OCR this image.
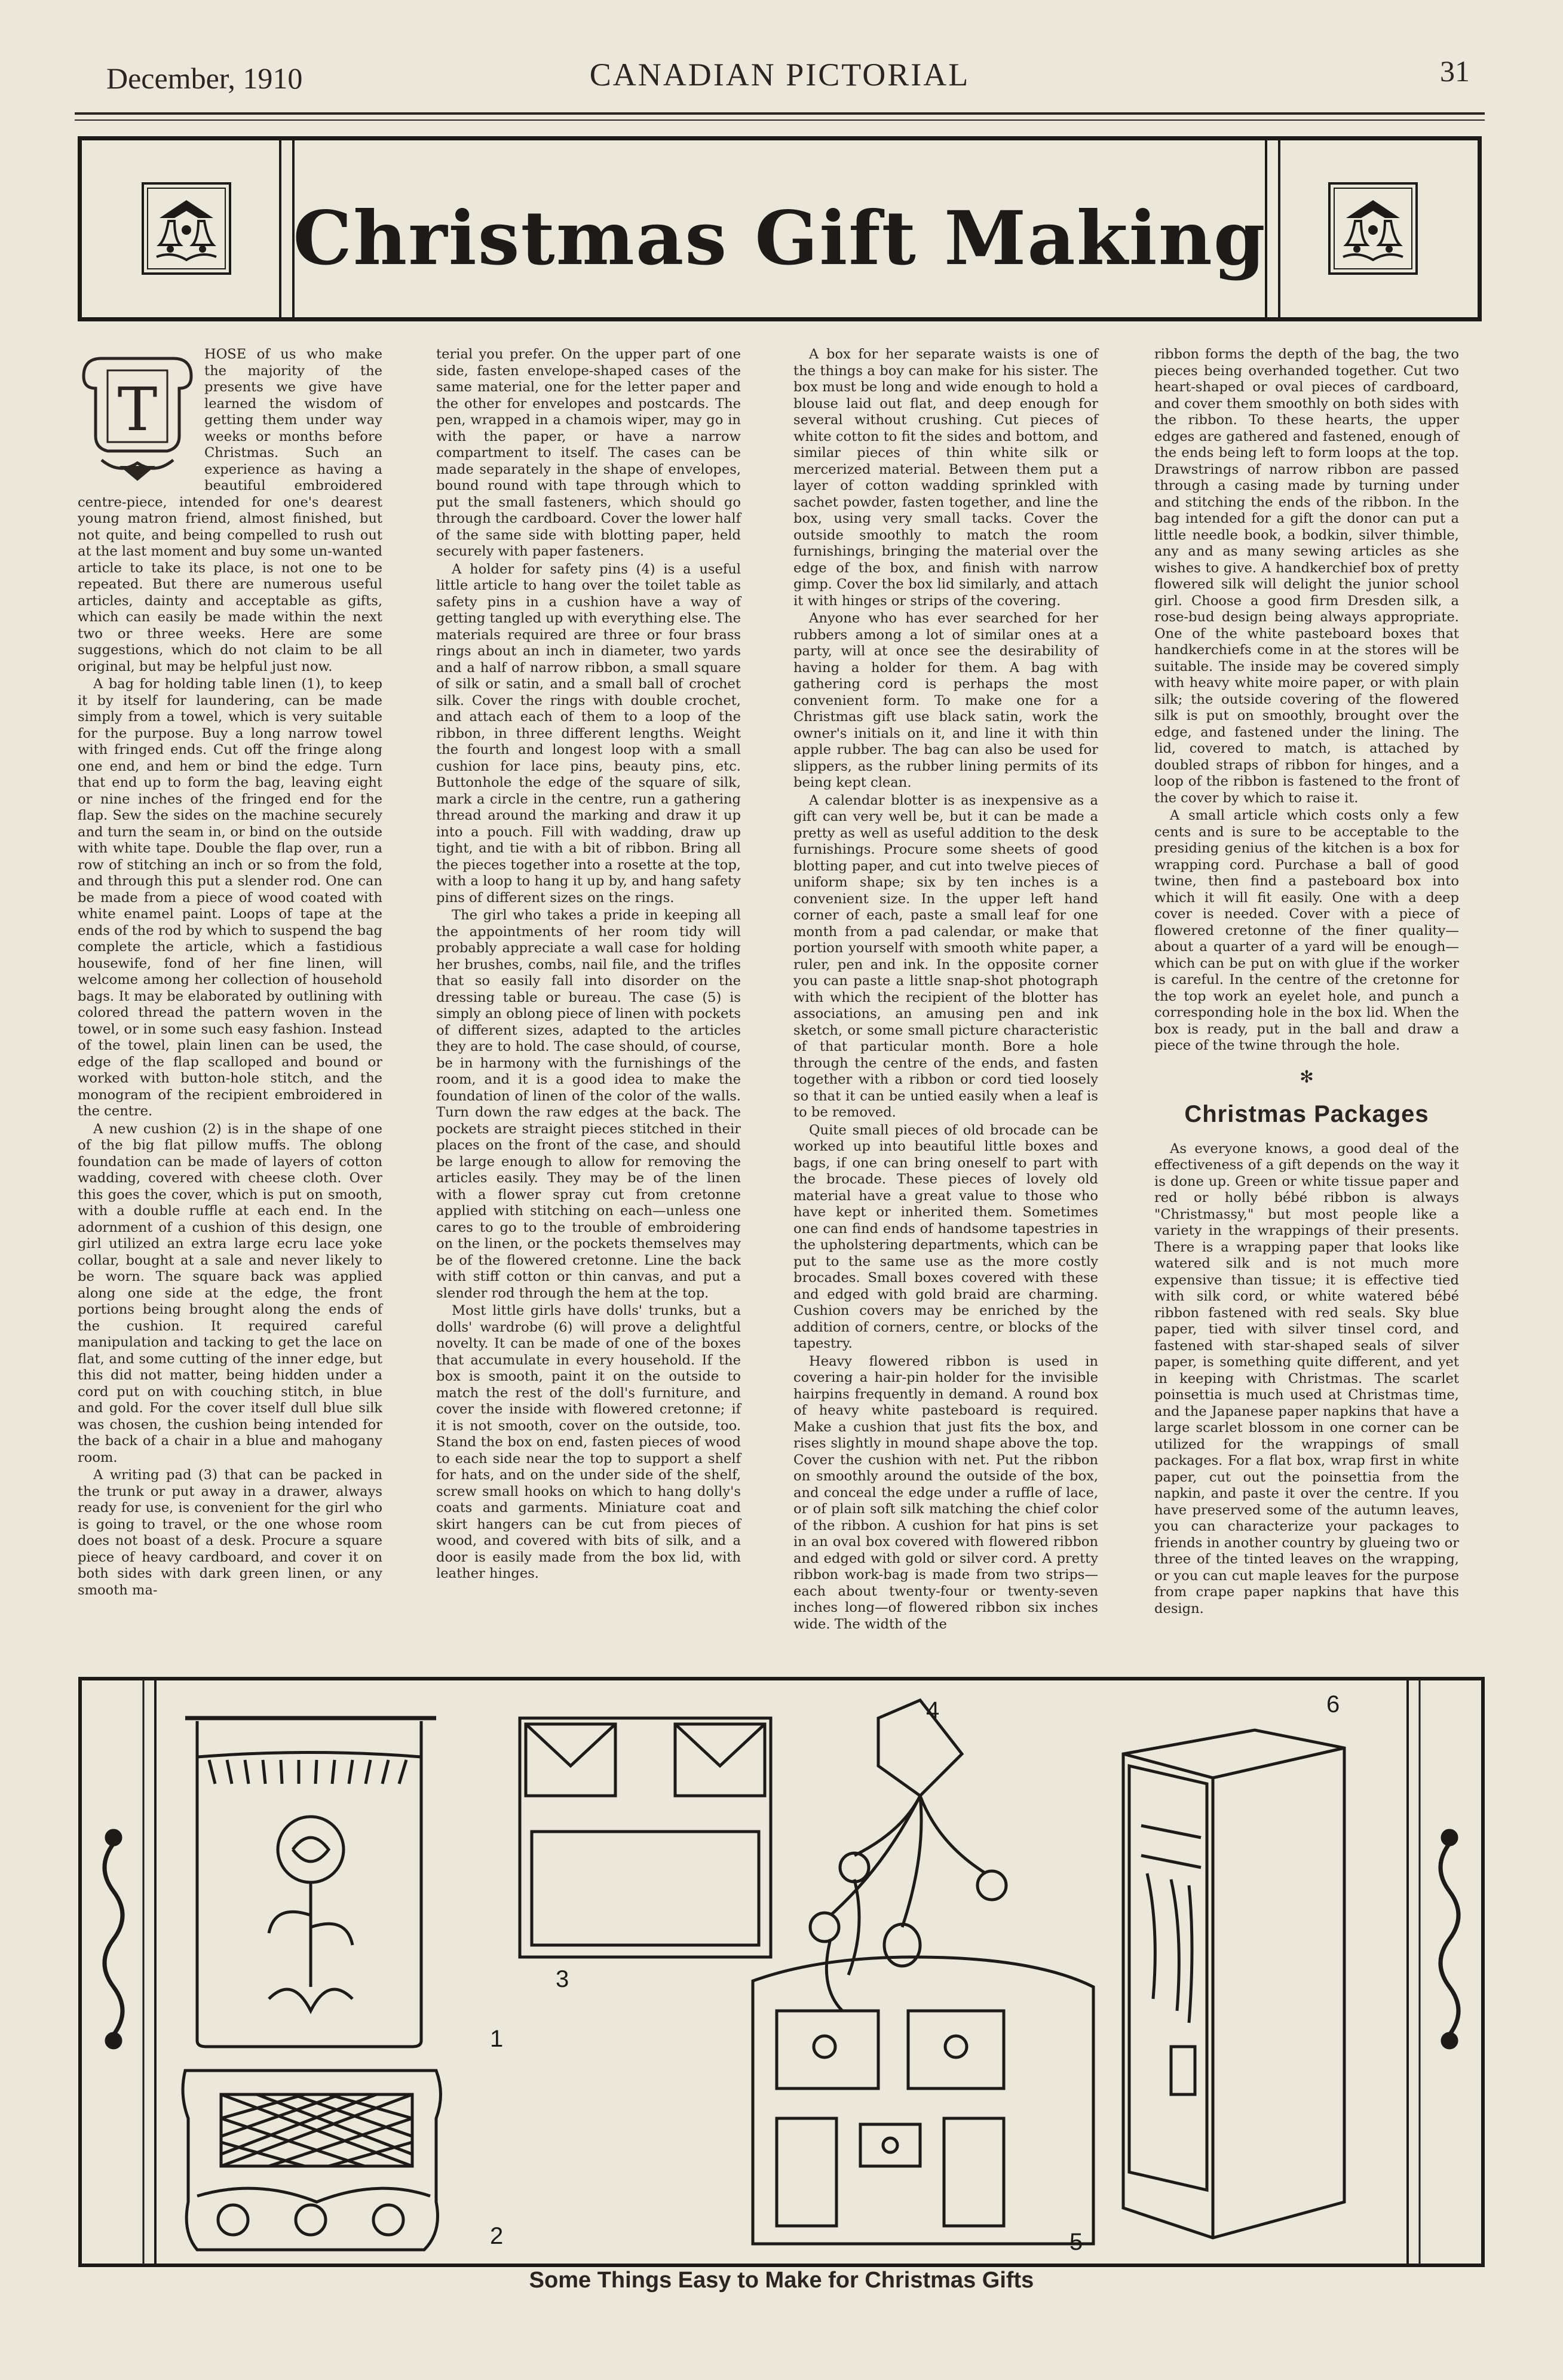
December, 1910	CANADIAN PICTORIAL	31
Christmas Gift Making
T

HOSE of us who make the majority of the presents we give have learned the wisdom of getting them under way weeks or months before Christmas. Such an experience as having a beautiful embroidered centre-piece, intended for one's dearest young matron friend, almost finished, but not quite, and being compelled to rush out at the last moment and buy some un-wanted article to take its place, is not one to be repeated. But there are numerous useful articles, dainty and acceptable as gifts, which can easily be made within the next two or three weeks. Here are some suggestions, which do not claim to be all original, but may be helpful just now.

A bag for holding table linen (1), to keep it by itself for laundering, can be made simply from a towel, which is very suitable for the purpose. Buy a long narrow towel with fringed ends. Cut off the fringe along one end, and hem or bind the edge. Turn that end up to form the bag, leaving eight or nine inches of the fringed end for the flap. Sew the sides on the machine securely and turn the seam in, or bind on the outside with white tape. Double the flap over, run a row of stitching an inch or so from the fold, and through this put a slender rod. One can be made from a piece of wood coated with white enamel paint. Loops of tape at the ends of the rod by which to suspend the bag complete the article, which a fastidious housewife, fond of her fine linen, will welcome among her collection of household bags. It may be elaborated by outlining with colored thread the pattern woven in the towel, or in some such easy fashion. Instead of the towel, plain linen can be used, the edge of the flap scalloped and bound or worked with button-hole stitch, and the monogram of the recipient embroidered in the centre.

A new cushion (2) is in the shape of one of the big flat pillow muffs. The oblong foundation can be made of layers of cotton wadding, covered with cheese cloth. Over this goes the cover, which is put on smooth, with a double ruffle at each end. In the adornment of a cushion of this design, one girl utilized an extra large ecru lace yoke collar, bought at a sale and never likely to be worn. The square back was applied along one side at the edge, the front portions being brought along the ends of the cushion. It required careful manipulation and tacking to get the lace on flat, and some cutting of the inner edge, but this did not matter, being hidden under a cord put on with couching stitch, in blue and gold. For the cover itself dull blue silk was chosen, the cushion being intended for the back of a chair in a blue and mahogany room.

A writing pad (3) that can be packed in the trunk or put away in a drawer, always ready for use, is convenient for the girl who is going to travel, or the one whose room does not boast of a desk. Procure a square piece of heavy cardboard, and cover it on both sides with dark green linen, or any smooth ma-

terial you prefer. On the upper part of one side, fasten envelope-shaped cases of the same material, one for the letter paper and the other for envelopes and postcards. The pen, wrapped in a chamois wiper, may go in with the paper, or have a narrow compartment to itself. The cases can be made separately in the shape of envelopes, bound round with tape through which to put the small fasteners, which should go through the cardboard. Cover the lower half of the same side with blotting paper, held securely with paper fasteners.

A holder for safety pins (4) is a useful little article to hang over the toilet table as safety pins in a cushion have a way of getting tangled up with everything else. The materials required are three or four brass rings about an inch in diameter, two yards and a half of narrow ribbon, a small square of silk or satin, and a small ball of crochet silk. Cover the rings with double crochet, and attach each of them to a loop of the ribbon, in three different lengths. Weight the fourth and longest loop with a small cushion for lace pins, beauty pins, etc. Buttonhole the edge of the square of silk, mark a circle in the centre, run a gathering thread around the marking and draw it up into a pouch. Fill with wadding, draw up tight, and tie with a bit of ribbon. Bring all the pieces together into a rosette at the top, with a loop to hang it up by, and hang safety pins of different sizes on the rings.

The girl who takes a pride in keeping all the appointments of her room tidy will probably appreciate a wall case for holding her brushes, combs, nail file, and the trifles that so easily fall into disorder on the dressing table or bureau. The case (5) is simply an oblong piece of linen with pockets of different sizes, adapted to the articles they are to hold. The case should, of course, be in harmony with the furnishings of the room, and it is a good idea to make the foundation of linen of the color of the walls. Turn down the raw edges at the back. The pockets are straight pieces stitched in their places on the front of the case, and should be large enough to allow for removing the articles easily. They may be of the linen with a flower spray cut from cretonne applied with stitching on each—unless one cares to go to the trouble of embroidering on the linen, or the pockets themselves may be of the flowered cretonne. Line the back with stiff cotton or thin canvas, and put a slender rod through the hem at the top.

Most little girls have dolls' trunks, but a dolls' wardrobe (6) will prove a delightful novelty. It can be made of one of the boxes that accumulate in every household. If the box is smooth, paint it on the outside to match the rest of the doll's furniture, and cover the inside with flowered cretonne; if it is not smooth, cover on the outside, too. Stand the box on end, fasten pieces of wood to each side near the top to support a shelf for hats, and on the under side of the shelf, screw small hooks on which to hang dolly's coats and garments. Miniature coat and skirt hangers can be cut from pieces of wood, and covered with bits of silk, and a door is easily made from the box lid, with leather hinges.

A box for her separate waists is one of the things a boy can make for his sister. The box must be long and wide enough to hold a blouse laid out flat, and deep enough for several without crushing. Cut pieces of white cotton to fit the sides and bottom, and similar pieces of thin white silk or mercerized material. Between them put a layer of cotton wadding sprinkled with sachet powder, fasten together, and line the box, using very small tacks. Cover the outside smoothly to match the room furnishings, bringing the material over the edge of the box, and finish with narrow gimp. Cover the box lid similarly, and attach it with hinges or strips of the covering.

Anyone who has ever searched for her rubbers among a lot of similar ones at a party, will at once see the desirability of having a holder for them. A bag with gathering cord is perhaps the most convenient form. To make one for a Christmas gift use black satin, work the owner's initials on it, and line it with thin apple rubber. The bag can also be used for slippers, as the rubber lining permits of its being kept clean.

A calendar blotter is as inexpensive as a gift can very well be, but it can be made a pretty as well as useful addition to the desk furnishings. Procure some sheets of good blotting paper, and cut into twelve pieces of uniform shape; six by ten inches is a convenient size. In the upper left hand corner of each, paste a small leaf for one month from a pad calendar, or make that portion yourself with smooth white paper, a ruler, pen and ink. In the opposite corner you can paste a little snap-shot photograph with which the recipient of the blotter has associations, an amusing pen and ink sketch, or some small picture characteristic of that particular month. Bore a hole through the centre of the ends, and fasten together with a ribbon or cord tied loosely so that it can be untied easily when a leaf is to be removed.

Quite small pieces of old brocade can be worked up into beautiful little boxes and bags, if one can bring oneself to part with the brocade. These pieces of lovely old material have a great value to those who have kept or inherited them. Sometimes one can find ends of handsome tapestries in the upholstering departments, which can be put to the same use as the more costly brocades. Small boxes covered with these and edged with gold braid are charming. Cushion covers may be enriched by the addition of corners, centre, or blocks of the tapestry.

Heavy flowered ribbon is used in covering a hair-pin holder for the invisible hairpins frequently in demand. A round box of heavy white pasteboard is required. Make a cushion that just fits the box, and rises slightly in mound shape above the top. Cover the cushion with net. Put the ribbon on smoothly around the outside of the box, and conceal the edge under a ruffle of lace, or of plain soft silk matching the chief color of the ribbon. A cushion for hat pins is set in an oval box covered with flowered ribbon and edged with gold or silver cord. A pretty ribbon work-bag is made from two strips—each about twenty-four or twenty-seven inches long—of flowered ribbon six inches wide. The width of the

ribbon forms the depth of the bag, the two pieces being overhanded together. Cut two heart-shaped or oval pieces of cardboard, and cover them smoothly on both sides with the ribbon. To these hearts, the upper edges are gathered and fastened, enough of the ends being left to form loops at the top. Drawstrings of narrow ribbon are passed through a casing made by turning under and stitching the ends of the ribbon. In the bag intended for a gift the donor can put a little needle book, a bodkin, silver thimble, any and as many sewing articles as she wishes to give. A handkerchief box of pretty flowered silk will delight the junior school girl. Choose a good firm Dresden silk, a rose-bud design being always appropriate. One of the white pasteboard boxes that handkerchiefs come in at the stores will be suitable. The inside may be covered simply with heavy white moire paper, or with plain silk; the outside covering of the flowered silk is put on smoothly, brought over the edge, and fastened under the lining. The lid, covered to match, is attached by doubled straps of ribbon for hinges, and a loop of the ribbon is fastened to the front of the cover by which to raise it.

A small article which costs only a few cents and is sure to be acceptable to the presiding genius of the kitchen is a box for wrapping cord. Purchase a ball of good twine, then find a pasteboard box into which it will fit easily. One with a deep cover is needed. Cover with a piece of flowered cretonne of the finer quality—about a quarter of a yard will be enough—which can be put on with glue if the worker is careful. In the centre of the cretonne for the top work an eyelet hole, and punch a corresponding hole in the box lid. When the box is ready, put in the ball and draw a piece of the twine through the hole.

✻
Christmas Packages

As everyone knows, a good deal of the effectiveness of a gift depends on the way it is done up. Green or white tissue paper and red or holly bébé ribbon is always "Christmassy," but most people like a variety in the wrappings of their presents. There is a wrapping paper that looks like watered silk and is not much more expensive than tissue; it is effective tied with silk cord, or white watered bébé ribbon fastened with red seals. Sky blue paper, tied with silver tinsel cord, and fastened with star-shaped seals of silver paper, is something quite different, and yet in keeping with Christmas. The scarlet poinsettia is much used at Christmas time, and the Japanese paper napkins that have a large scarlet blossom in one corner can be utilized for the wrappings of small packages. For a flat box, wrap first in white paper, cut out the poinsettia from the napkin, and paste it over the centre. If you have preserved some of the autumn leaves, you can characterize your packages to friends in another country by glueing two or three of the tinted leaves on the wrapping, or you can cut maple leaves for the purpose from crape paper napkins that have this design.

1
2
3
4
5
6
Some Things Easy to Make for Christmas Gifts
